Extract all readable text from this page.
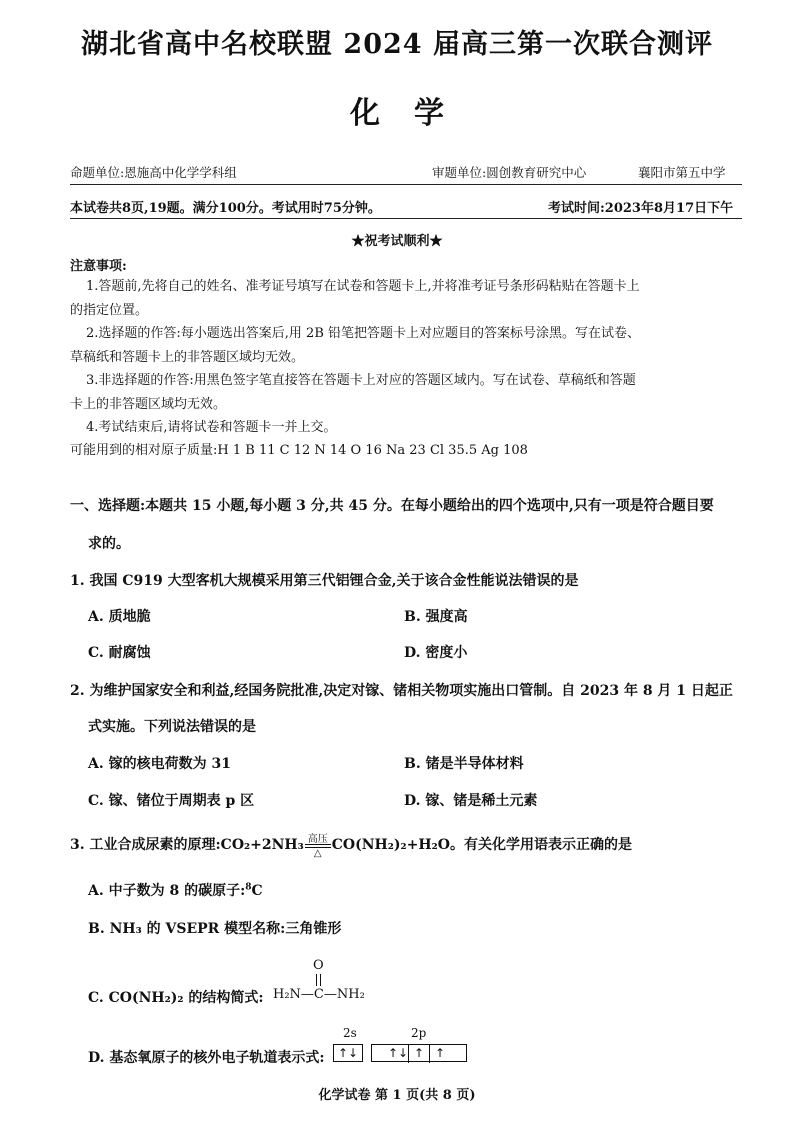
湖北省高中名校联盟 2024 届高三第一次联合测评
化学
命题单位:恩施高中化学学科组	审题单位:圆创教育研究中心	襄阳市第五中学
本试卷共8页,19题。满分100分。考试用时75分钟。	考试时间:2023年8月17日下午
★祝考试顺利★
注意事项:
1.答题前,先将自己的姓名、准考证号填写在试卷和答题卡上,并将准考证号条形码粘贴在答题卡上
的指定位置。
2.选择题的作答:每小题选出答案后,用 2B 铅笔把答题卡上对应题目的答案标号涂黑。写在试卷、
草稿纸和答题卡上的非答题区域均无效。
3.非选择题的作答:用黑色签字笔直接答在答题卡上对应的答题区域内。写在试卷、草稿纸和答题
卡上的非答题区域均无效。
4.考试结束后,请将试卷和答题卡一并上交。
可能用到的相对原子质量:H 1 B 11 C 12 N 14 O 16 Na 23 Cl 35.5 Ag 108
一、选择题:本题共 15 小题,每小题 3 分,共 45 分。在每小题给出的四个选项中,只有一项是符合题目要
求的。
1. 我国 C919 大型客机大规模采用第三代铝锂合金,关于该合金性能说法错误的是
A. 质地脆	B. 强度高
C. 耐腐蚀	D. 密度小
2. 为维护国家安全和利益,经国务院批准,决定对镓、锗相关物项实施出口管制。自 2023 年 8 月 1 日起正
式实施。下列说法错误的是
A. 镓的核电荷数为 31	B. 锗是半导体材料
C. 镓、锗位于周期表 p 区	D. 镓、锗是稀土元素
3. 工业合成尿素的原理:CO₂+2NH₃ 高压
△
CO(NH₂)₂+H₂O。有关化学用语表示正确的是
A. 中子数为 8 的碳原子:$^8$C
B. NH₃ 的 VSEPR 模型名称:三角锥形
C. CO(NH₂)₂ 的结构简式:
O
H₂N—C—NH₂
D. 基态氧原子的核外电子轨道表示式:
2s	2p
↑↓	↑↓ ↑ ↑
化学试卷 第 1 页(共 8 页)
